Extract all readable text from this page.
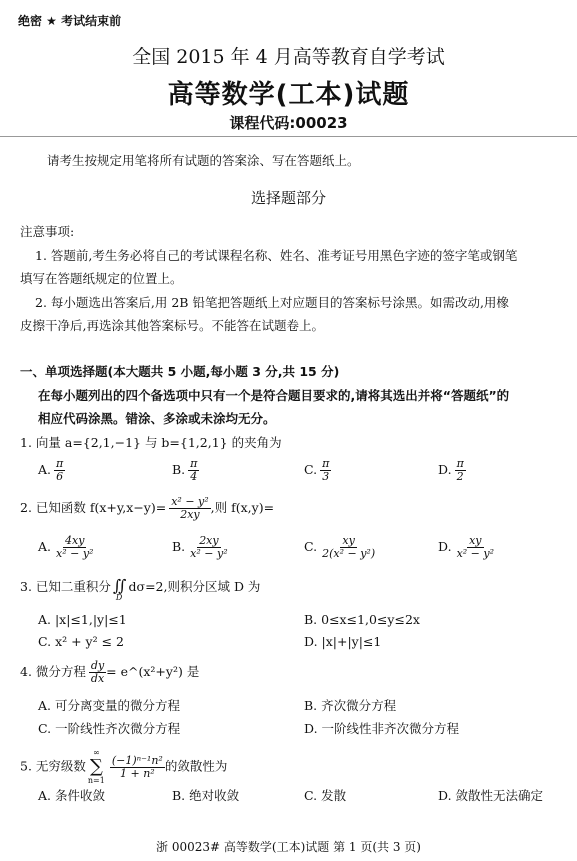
绝密 ★ 考试结束前
全国 2015 年 4 月高等教育自学考试
高等数学(工本)试题
课程代码:00023
请考生按规定用笔将所有试题的答案涂、写在答题纸上。
选择题部分
注意事项:
1. 答题前,考生务必将自己的考试课程名称、姓名、准考证号用黑色字迹的签字笔或钢笔
填写在答题纸规定的位置上。
2. 每小题选出答案后,用 2B 铅笔把答题纸上对应题目的答案标号涂黑。如需改动,用橡
皮擦干净后,再选涂其他答案标号。不能答在试题卷上。
一、单项选择题(本大题共 5 小题,每小题 3 分,共 15 分)
在每小题列出的四个备选项中只有一个是符合题目要求的,请将其选出并将“答题纸”的
相应代码涂黑。错涂、多涂或未涂均无分。
1. 向量 a={2,1,−1} 与 b={1,2,1} 的夹角为
A. $\frac{\pi}{6}$	B. $\frac{\pi}{4}$	C. $\frac{\pi}{3}$	D. $\frac{\pi}{2}$
2. 已知函数 $f(x+y,x-y)= \frac{\text{x² − y²}}{2xy}$ ,则 f(x,y)=
A. $\frac{4xy}{\text{x² − y²}}$	B. $\frac{2xy}{\text{x² − y²}}$	C. $\frac{xy}{\text{2(x² − y²)}}$	D. $\frac{xy}{\text{x² − y²}}$
3. 已知二重积分 ∬
D
dσ=2,则积分区域 D 为
A. |x|≤1,|y|≤1	B. 0≤x≤1,0≤y≤2x
C. x² + y² ≤ 2	D. |x|+|y|≤1
4. 微分方程 $\frac{dy}{dx}$ = e^(x²+y²) 是
A. 可分离变量的微分方程	B. 齐次微分方程
C. 一阶线性齐次微分方程	D. 一阶线性非齐次微分方程
5. 无穷级数
∞
∑
n=1
$\frac{\text{(−1)ⁿ⁻¹n²}}{\text{1 + n²}}$ 的敛散性为
A. 条件收敛	B. 绝对收敛	C. 发散	D. 敛散性无法确定
浙 00023# 高等数学(工本)试题 第 1 页(共 3 页)
